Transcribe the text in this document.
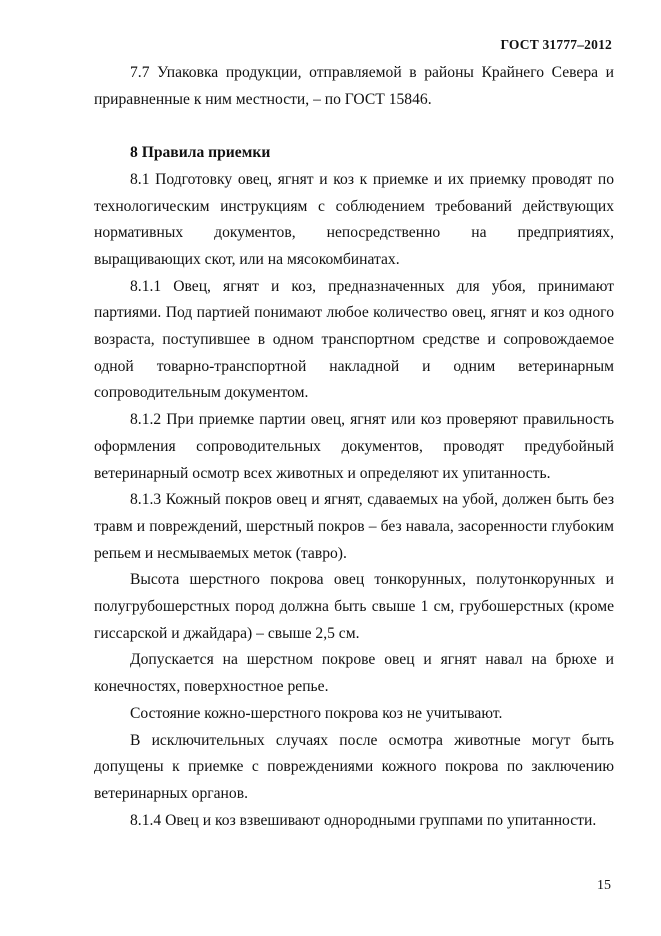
ГОСТ 31777–2012

7.7 Упаковка продукции, отправляемой в районы Крайнего Севера и приравненные к ним местности, – по ГОСТ 15846.

8 Правила приемки

8.1 Подготовку овец, ягнят и коз к приемке и их приемку проводят по технологическим инструкциям с соблюдением требований действующих нормативных документов, непосредственно на предприятиях, выращивающих скот, или на мясокомбинатах.

8.1.1 Овец, ягнят и коз, предназначенных для убоя, принимают партиями. Под партией понимают любое количество овец, ягнят и коз одного возраста, поступившее в одном транспортном средстве и сопровождаемое одной товарно-транспортной накладной и одним ветеринарным сопроводительным документом.

8.1.2 При приемке партии овец, ягнят или коз проверяют правильность оформления сопроводительных документов, проводят предубойный ветеринарный осмотр всех животных и определяют их упитанность.

8.1.3 Кожный покров овец и ягнят, сдаваемых на убой, должен быть без травм и повреждений, шерстный покров – без навала, засоренности глубоким репьем и несмываемых меток (тавро).

Высота шерстного покрова овец тонкорунных, полутонкорунных и полугрубошерстных пород должна быть свыше 1 см, грубошерстных (кроме гиссарской и джайдара) – свыше 2,5 см.

Допускается на шерстном покрове овец и ягнят навал на брюхе и конечностях, поверхностное репье.

Состояние кожно-шерстного покрова коз не учитывают.

В исключительных случаях после осмотра животные могут быть допущены к приемке с повреждениями кожного покрова по заключению ветеринарных органов.

8.1.4 Овец и коз взвешивают однородными группами по упитанности.

15
